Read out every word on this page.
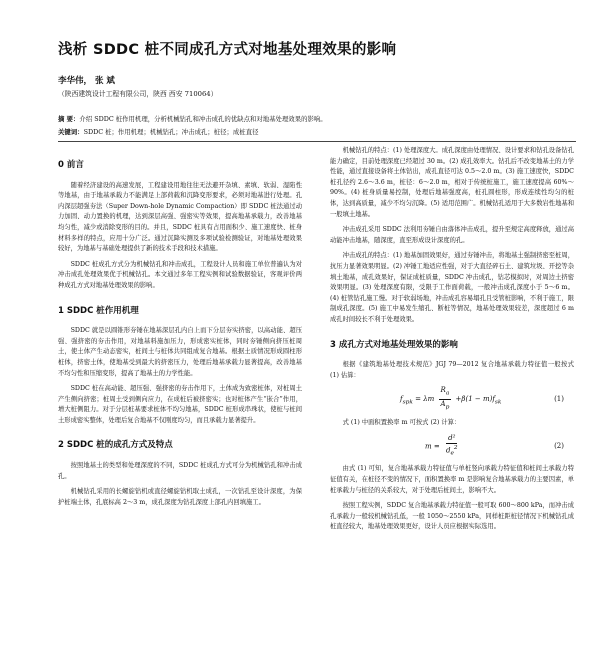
浅析 SDDC 桩不同成孔方式对地基处理效果的影响
李华伟， 张 斌
（陕西建筑设计工程有限公司，陕西 西安 710064）
摘 要：介绍 SDDC 桩作用机理，分析机械钻孔和冲击成孔的优缺点和对地基处理效果的影响。
关键词：SDDC 桩；作用机理；机械钻孔；冲击成孔；桩径；成桩直径
0 前言

随着经济建设的高速发展，工程建设用地往往无法避开杂填、素填、软弱、湿陷性等地基，由于地基承载力不能满足上部荷载和沉降变形要求，必须对地基进行处理。孔内深层超强夯法（Super Down-hole Dynamic Compaction）即 SDDC 桩法通过动力加固、动力置换的机理，达到深层高强、强密实等效果，提高地基承载力，改善地基均匀性，减少或消除变形的目的。并且，SDDC 桩具有占用面积少、施工速度快、桩身材料多样的特点，应用十分广泛。通过沉降实测及多项试验检测验证，对地基处理效果较好，为地基与基础处理提供了新的技术手段和技术措施。

SDDC 桩成孔方式分为机械钻孔和冲击成孔，工程设计人员和施工单位普遍认为对冲击成孔处理效果优于机械钻孔。本文通过多年工程实例和试验数据验证，客观评价两种成孔方式对地基处理效果的影响。

1 SDDC 桩作用机理

SDDC 就是以圆锥形夯锤在地基深层孔内自上而下分层夯实挤密，以高动能、超压强、强挤密的夯击作用，对地基料施加压力，形成密实桩体，同时夯锤侧向挤压桩周土，使土体产生动态密实，桩间土与桩体共同组成复合地基。根据土质情况形成圆柱形桩体，挤密土体，使地基受到最大的挤密压力，处理后地基承载力显著提高，改善地基不均匀性和压缩变形，提高了地基土的力学性能。

SDDC 桩在高动能、超压强、强挤密的夯击作用下，土体成为致密桩体，对桩周土产生侧向挤密；桩周土受到侧向应力，在成桩后被挤密实；也对桩体产生“嵌合”作用，增大桩侧阻力。对于分层桩基要求桩体不均匀地基，SDDC 桩形成串珠状，使桩与桩间土形成密实整体，处理后复合地基不仅刚度均匀，而且承载力显著提升。

2 SDDC 桩的成孔方式及特点

按照地基土的类型和处理深度的不同，SDDC 桩成孔方式可分为机械钻孔和冲击成孔。

机械钻孔采用的长螺旋钻机或直径螺旋钻机取土成孔，一次钻孔至设计深度，为保护桩端土体，孔底标高 2～3 m，成孔深度为钻孔深度上部孔内回填施工。

机械钻孔的特点：(1) 处理深度大。成孔深度由处理情况、设计要求和钻孔设备钻孔能力确定，目前处理深度已经超过 30 m。(2) 成孔效率大。钻孔后不改变地基土的力学性能，通过直接设备将土体钻出，成孔直径可达 0.5～2.0 m。(3) 施工速度快，SDDC 桩孔径约 2.6～3.6 m，桩径：6～2.0 m，相对于传统桩施工，施工速度提高 60%～90%。(4) 桩身质量易控制，处理后地基强度高，桩孔圆柱形，形成连续性均匀的桩体，达到高质量，减少不均匀沉降。(5) 适用范围广。机械钻孔适用于大多数岩性地基和一般填土地基。

冲击成孔采用 SDDC 法利用夯锤自由落体冲击成孔，提升至规定高度释放，通过高动能冲击地基，随深度，直至形成设计深度的孔。

冲击成孔的特点：(1) 地基加固效果好，通过夯锤冲击，将地基土强制挤密至桩周，抗压力显著效果明显。(2) 冲锤工地适应性强，对于大直径碎石土、建筑垃圾、开挖等杂填土地基，成孔效果好，保证成桩质量，SDDC 冲击成孔，钻芯模拟时，对周边土挤密效果明显。(3) 处理深度有限，受限于工作面荷载，一般冲击成孔深度小于 5～6 m。(4) 桩管钻孔施工慢。对于软弱场地，冲击成孔容易塌孔且受管桩影响，不利于施工，限制成孔深度。(5) 施工中易发生缩孔、断桩等情况，地基处理效果较差，深度超过 6 m 成孔时间较长不利于处理效果。

3 成孔方式对地基处理效果的影响

根据《建筑地基处理技术规范》JGJ 79—2012 复合地基承载力特征值一般按式 (1) 估算：

$f_{spk} = \lambda m \frac{R_a}{A_p} +\beta(1 - m)f_{sk}$	(1)

式 (1) 中面积置换率 m 可按式 (2) 计算：

$m = \frac{\text{d²}}{d_e^2}$	(2)

由式 (1) 可知，复合地基承载力特征值与单桩竖向承载力特征值和桩间土承载力特征值有关，在桩径不变的情况下，面积置换率 m 是影响复合地基承载力的主要因素，单桩承载力与桩径的关系较大，对于处理后桩间土，影响不大。

按照工程实例，SDDC 复合地基承载力特征值一般可取 600～800 kPa，而冲击成孔承载力一般较机械钻孔低，一般 1050～2550 kPa，同样桩距桩径情况下机械钻孔成桩直径较大，地基处理效果更好，设计人员应根据实际选用。
